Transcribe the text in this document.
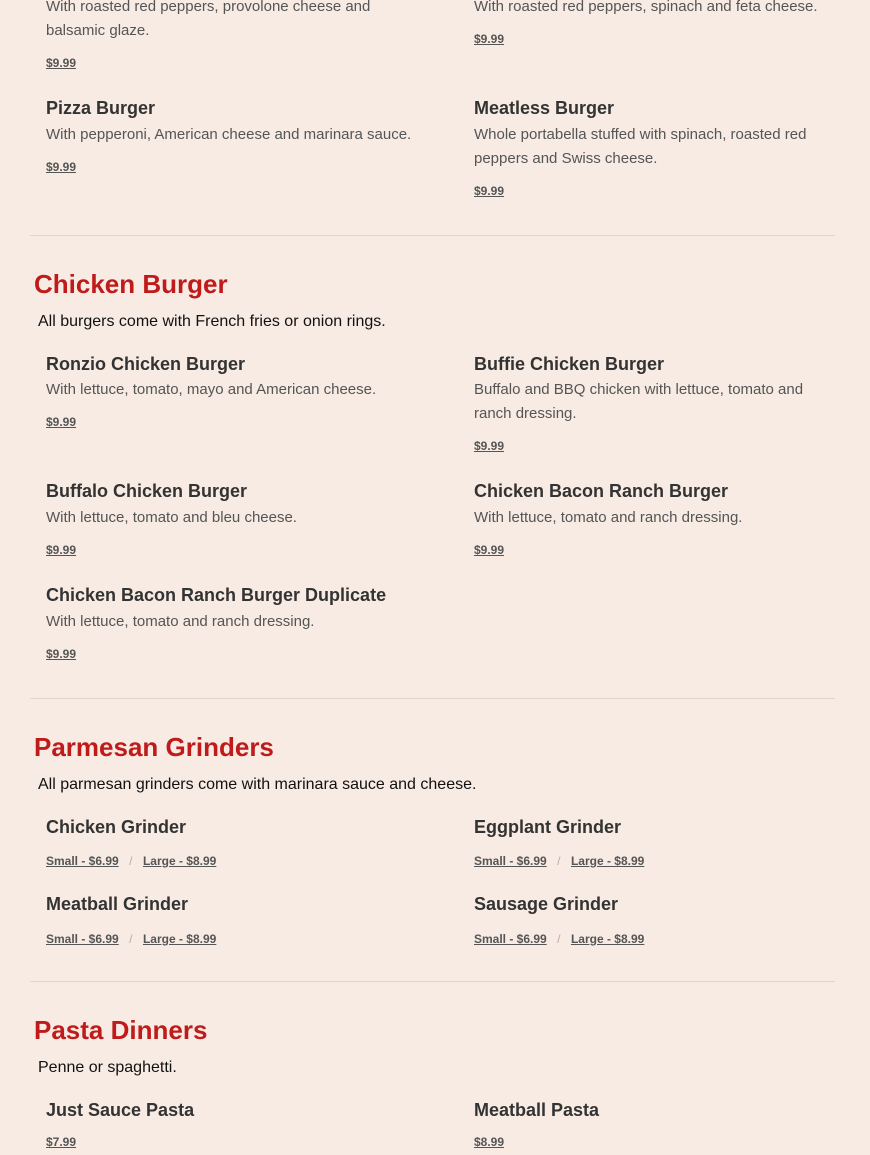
With roasted red peppers, provolone cheese and balsamic glaze.
$9.99
With roasted red peppers, spinach and feta cheese.
$9.99
Pizza Burger
With pepperoni, American cheese and marinara sauce.
$9.99
Meatless Burger
Whole portabella stuffed with spinach, roasted red peppers and Swiss cheese.
$9.99
Chicken Burger
All burgers come with French fries or onion rings.
Ronzio Chicken Burger
With lettuce, tomato, mayo and American cheese.
$9.99
Buffie Chicken Burger
Buffalo and BBQ chicken with lettuce, tomato and ranch dressing.
$9.99
Buffalo Chicken Burger
With lettuce, tomato and bleu cheese.
$9.99
Chicken Bacon Ranch Burger
With lettuce, tomato and ranch dressing.
$9.99
Chicken Bacon Ranch Burger Duplicate
With lettuce, tomato and ranch dressing.
$9.99
Parmesan Grinders
All parmesan grinders come with marinara sauce and cheese.
Chicken Grinder
Small - $6.99 / Large - $8.99
Eggplant Grinder
Small - $6.99 / Large - $8.99
Meatball Grinder
Small - $6.99 / Large - $8.99
Sausage Grinder
Small - $6.99 / Large - $8.99
Pasta Dinners
Penne or spaghetti.
Just Sauce Pasta
$7.99
Meatball Pasta
$8.99
